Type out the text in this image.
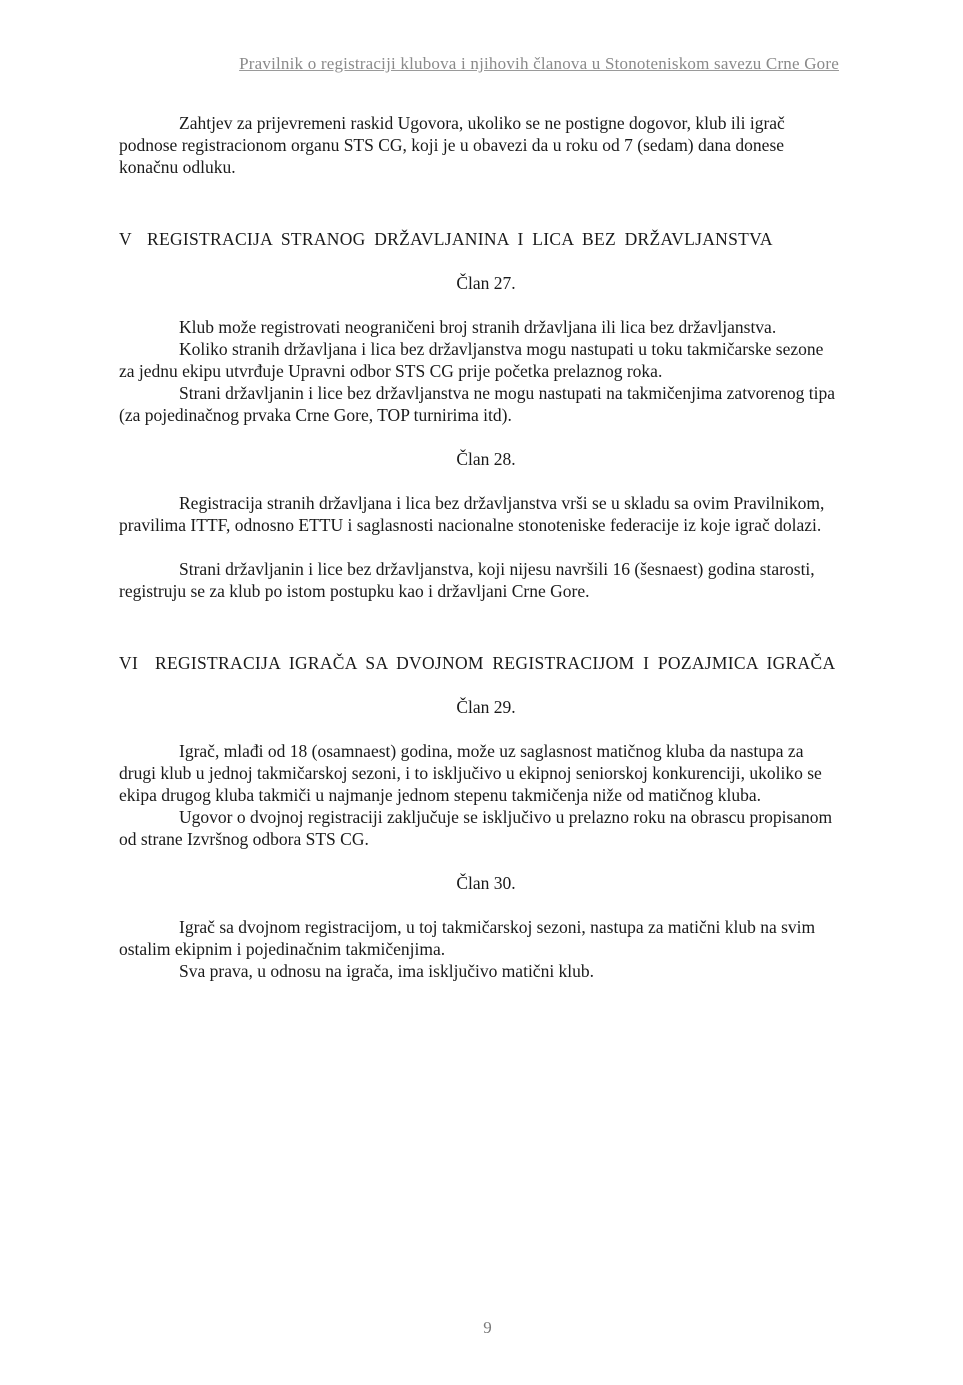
Pravilnik o registraciji klubova i njihovih članova u Stonoteniskom savezu Crne Gore

Zahtjev za prijevremeni raskid Ugovora, ukoliko se ne postigne dogovor, klub ili igrač podnose registracionom organu STS CG, koji je u obavezi da u roku od 7 (sedam) dana donese konačnu odluku.

V REGISTRACIJA STRANOG DRŽAVLJANINA I LICA BEZ DRŽAVLJANSTVA
Član 27.

Klub može registrovati neograničeni broj stranih državljana ili lica bez državljanstva.

Koliko stranih državljana i lica bez državljanstva mogu nastupati u toku takmičarske sezone za jednu ekipu utvrđuje Upravni odbor STS CG prije početka prelaznog roka.

Strani državljanin i lice bez državljanstva ne mogu nastupati na takmičenjima zatvorenog tipa (za pojedinačnog prvaka Crne Gore, TOP turnirima itd).

Član 28.

Registracija stranih državljana i lica bez državljanstva vrši se u skladu sa ovim Pravilnikom, pravilima ITTF, odnosno ETTU i saglasnosti nacionalne stonoteniske federacije iz koje igrač dolazi.

Strani državljanin i lice bez državljanstva, koji nijesu navršili 16 (šesnaest) godina starosti, registruju se za klub po istom postupku kao i državljani Crne Gore.

VI REGISTRACIJA IGRAČA SA DVOJNOM REGISTRACIJOM I POZAJMICA IGRAČA
Član 29.

Igrač, mlađi od 18 (osamnaest) godina, može uz saglasnost matičnog kluba da nastupa za drugi klub u jednoj takmičarskoj sezoni, i to isključivo u ekipnoj seniorskoj konkurenciji, ukoliko se ekipa drugog kluba takmiči u najmanje jednom stepenu takmičenja niže od matičnog kluba.

Ugovor o dvojnoj registraciji zaključuje se isključivo u prelazno roku na obrascu propisanom od strane Izvršnog odbora STS CG.

Član 30.

Igrač sa dvojnom registracijom, u toj takmičarskoj sezoni, nastupa za matični klub na svim ostalim ekipnim i pojedinačnim takmičenjima.

Sva prava, u odnosu na igrača, ima isključivo matični klub.

9
